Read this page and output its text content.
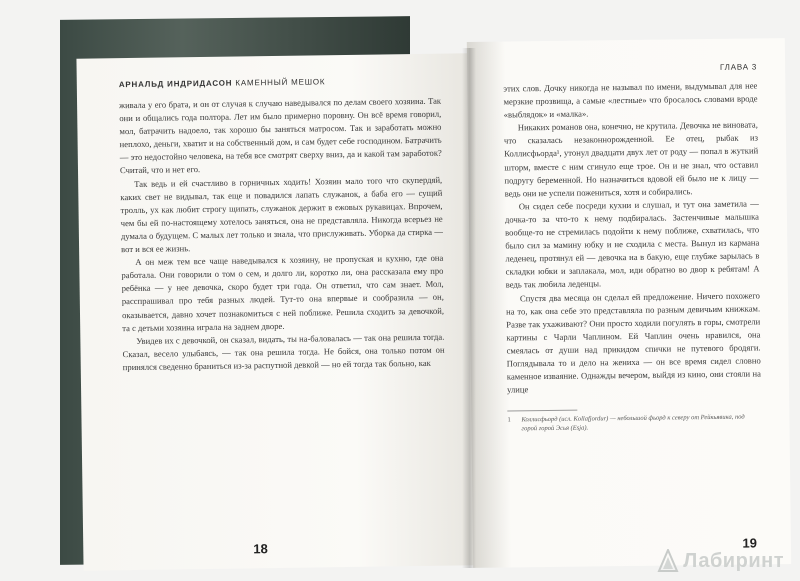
АРНАЛЬД ИНДРИДАСОН КАМЕННЫЙ МЕШОК

живала у его брата, и он от случая к случаю наведывался по делам своего хозяина. Так они и общались года полтора. Лет им было примерно поровну. Он всё время говорил, мол, батрачить надоело, так хорошо бы заняться матросом. Так и заработать можно неплохо, деньги, хватит и на собственный дом, и сам будет себе господином. Батрачить — это недостойно человека, на тебя все смотрят сверху вниз, да и какой там заработок? Считай, что и нет его.

Так ведь и ей счастливо в горничных ходить! Хозяин мало того что скупердяй, каких свет не видывал, так еще и повадился лапать служанок, а баба его — сущий тролль, ух как любит строгу щипать, служанок держит в ежовых рукавицах. Впрочем, чем бы ей по-настоящему хотелось заняться, она не представляла. Никогда всерьез не думала о будущем. С малых лет только и знала, что прислуживать. Уборка да стирка — вот и вся ее жизнь.

А он меж тем все чаще наведывался к хозяину, не пропуская и кухню, где она работала. Они говорили о том о сем, и долго ли, коротко ли, она рассказала ему про ребёнка — у нее девочка, скоро будет три года. Он ответил, что сам знает. Мол, расспрашивал про тебя разных людей. Тут-то она впервые и сообразила — он, оказывается, давно хочет познакомиться с ней поближе. Решила сходить за девочкой, та с детьми хозяина играла на заднем дворе.

Увидев их с девочкой, он сказал, видать, ты на-баловалась — так она решила тогда. Сказал, весело улыбаясь, — так она решила тогда. Не бойся, она только потом он принялся сведенно браниться из-за распутной девкой — но ей тогда так больно, как

18
ГЛАВА 3

этих слов. Дочку никогда не называл по имени, выдумывал для нее мерзкие прозвища, а самые «лестные» что бросалось словами вроде «выблядок» и «малка».

Никаких романов она, конечно, не крутила. Девочка не виновата, что сказалась незаконнорожденной. Ее отец, рыбак из Коллисфьорда¹, утонул двадцати двух лет от роду — попал в жуткий шторм, вместе с ним сгинуло еще трое. Он и не знал, что оставил подругу беременной. Но назначиться вдовой ей было не к лицу — ведь они не успели пожениться, хотя и собирались.

Он сидел себе посреди кухни и слушал, и тут она заметила — дочка-то за что-то к нему подбиралась. Застенчивые малышка вообще-то не стремилась подойти к нему поближе, схватилась, что было сил за мамину юбку и не сходила с места. Вынул из кармана леденец, протянул ей — девочка на в бакую, еще глубже зарылась в складки юбки и заплакала, мол, иди обратно во двор к ребятам! А ведь так любила леденцы.

Спустя два месяца он сделал ей предложение. Ничего похожего на то, как она себе это представляла по разным девичьим книжкам. Разве так ухаживают? Они просто ходили погулять в горы, смотрели картины с Чарли Чаплином. Ей Чаплин очень нравился, она смеялась от души над прикидом спички не путевого бродяги. Поглядывала то и дело на жениха — он все время сидел словно каменное изваяние. Однажды вечером, выйдя из кино, они стояли на улице

1 Коллисфьорд (исл. Kollafjordur) — небольшой фьорд к северу от Рейкьявика, под горой горой Эсья (Esja).
19
Лабиринт
